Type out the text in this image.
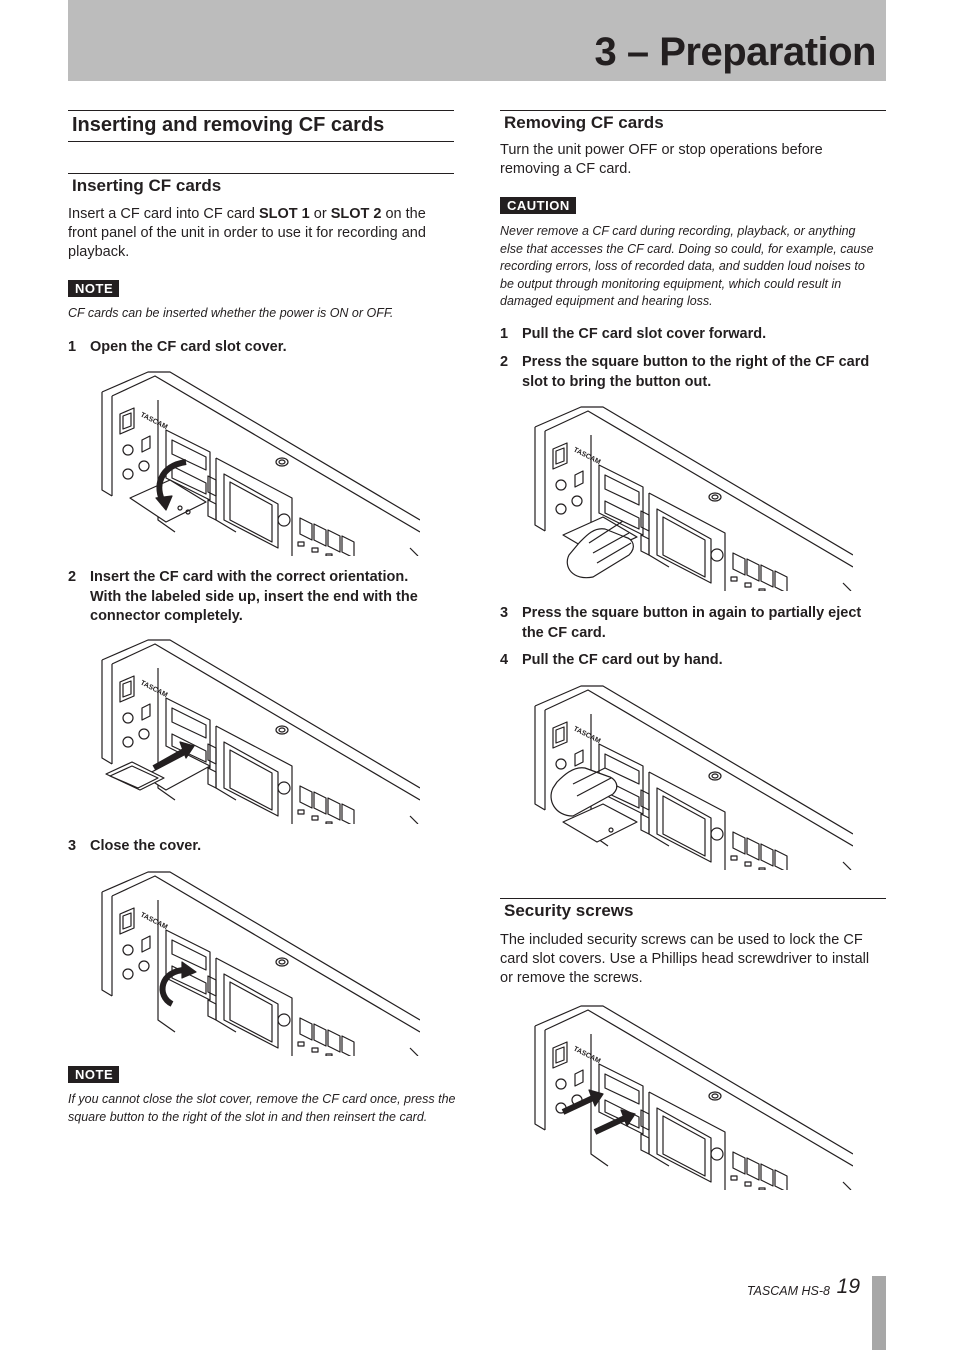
3 – Preparation
Inserting and removing CF cards
Inserting CF cards
Insert a CF card into CF card SLOT 1 or SLOT 2 on the
front panel of the unit in order to use it for recording and
playback.
NOTE
CF cards can be inserted whether the power is ON or OFF.
1 Open the CF card slot cover.
TASCAM
2 Insert the CF card with the correct orientation.
With the labeled side up, insert the end with the
connector completely.
TASCAM
3 Close the cover.
TASCAM
NOTE
If you cannot close the slot cover, remove the CF card once, press the
square button to the right of the slot in and then reinsert the card.
Removing CF cards
Turn the unit power OFF or stop operations before
removing a CF card.
CAUTION
Never remove a CF card during recording, playback, or anything
else that accesses the CF card. Doing so could, for example, cause
recording errors, loss of recorded data, and sudden loud noises to
be output through monitoring equipment, which could result in
damaged equipment and hearing loss.
1 Pull the CF card slot cover forward.
2 Press the square button to the right of the CF card
slot to bring the button out.
TASCAM
3 Press the square button in again to partially eject
the CF card.
4 Pull the CF card out by hand.
TASCAM
Security screws
The included security screws can be used to lock the CF
card slot covers. Use a Phillips head screwdriver to install
or remove the screws.
TASCAM
TASCAM HS-8 19
